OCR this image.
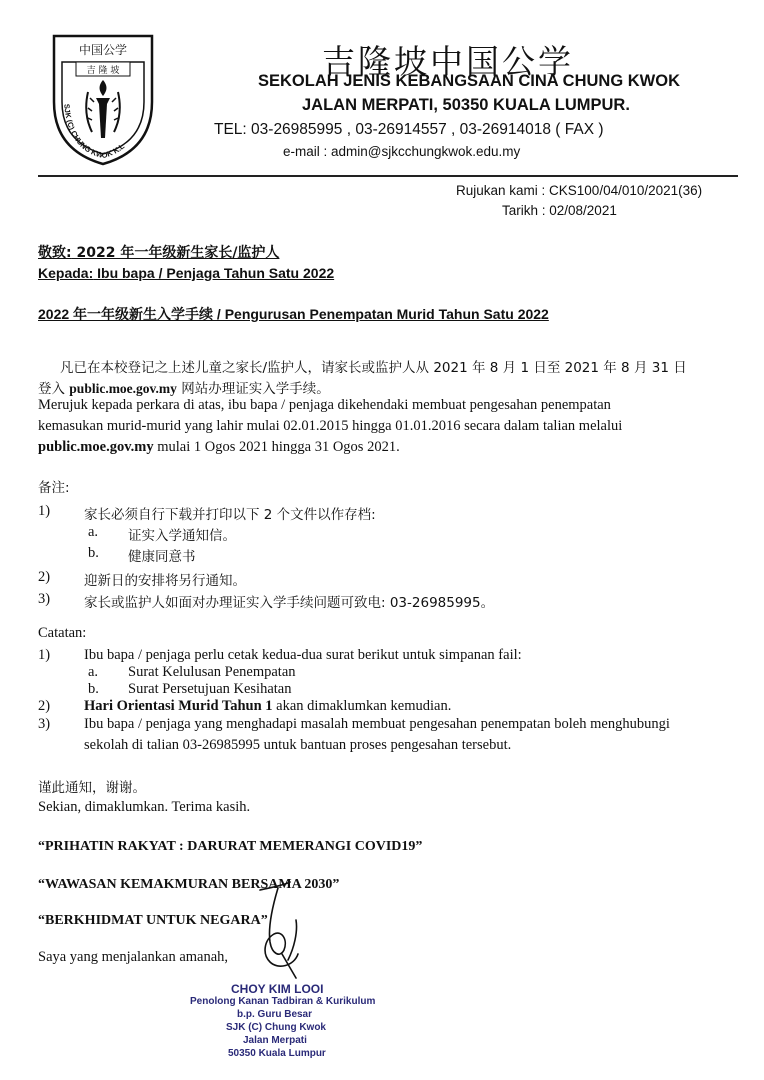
中国公学
吉 隆 坡
SJK (C) CHUNG KWOK K.L
吉隆坡中国公学
SEKOLAH JENIS KEBANGSAAN CINA CHUNG KWOK
JALAN MERPATI, 50350 KUALA LUMPUR.
TEL: 03-26985995 , 03-26914557 , 03-26914018 ( FAX )
e-mail : admin@sjkcchungkwok.edu.my
Rujukan kami : CKS100/04/010/2021(36)
Tarikh : 02/08/2021
敬致: 2022 年一年级新生家长/监护人
Kepada: Ibu bapa / Penjaga Tahun Satu 2022
2022 年一年级新生入学手续 / Pengurusan Penempatan Murid Tahun Satu 2022
凡已在本校登记之上述儿童之家长/监护人，请家长或监护人从 2021 年 8 月 1 日至 2021 年 8 月 31 日
登入 public.moe.gov.my 网站办理证实入学手续。
Merujuk kepada perkara di atas, ibu bapa / penjaga dikehendaki membuat pengesahan penempatan
kemasukan murid-murid yang lahir mulai 02.01.2015 hingga 01.01.2016 secara dalam talian melalui
public.moe.gov.my mulai 1 Ogos 2021 hingga 31 Ogos 2021.
备注:
1)	家长必须自行下载并打印以下 2 个文件以作存档:
a. 证实入学通知信。
b. 健康同意书
2)	迎新日的安排将另行通知。
3)	家长或监护人如面对办理证实入学手续问题可致电: 03-26985995。
Catatan:
1) Ibu bapa / penjaga perlu cetak kedua-dua surat berikut untuk simpanan fail:
a. Surat Kelulusan Penempatan
b. Surat Persetujuan Kesihatan
2) Hari Orientasi Murid Tahun 1 akan dimaklumkan kemudian.
3) Ibu bapa / penjaga yang menghadapi masalah membuat pengesahan penempatan boleh menghubungi
sekolah di talian 03-26985995 untuk bantuan proses pengesahan tersebut.
谨此通知，谢谢。
Sekian, dimaklumkan. Terima kasih.
“PRIHATIN RAKYAT : DARURAT MEMERANGI COVID19”
“WAWASAN KEMAKMURAN BERSAMA 2030”
“BERKHIDMAT UNTUK NEGARA”
Saya yang menjalankan amanah,
CHOY KIM LOOI
Penolong Kanan Tadbiran & Kurikulum
b.p. Guru Besar
SJK (C) Chung Kwok
Jalan Merpati
50350 Kuala Lumpur
